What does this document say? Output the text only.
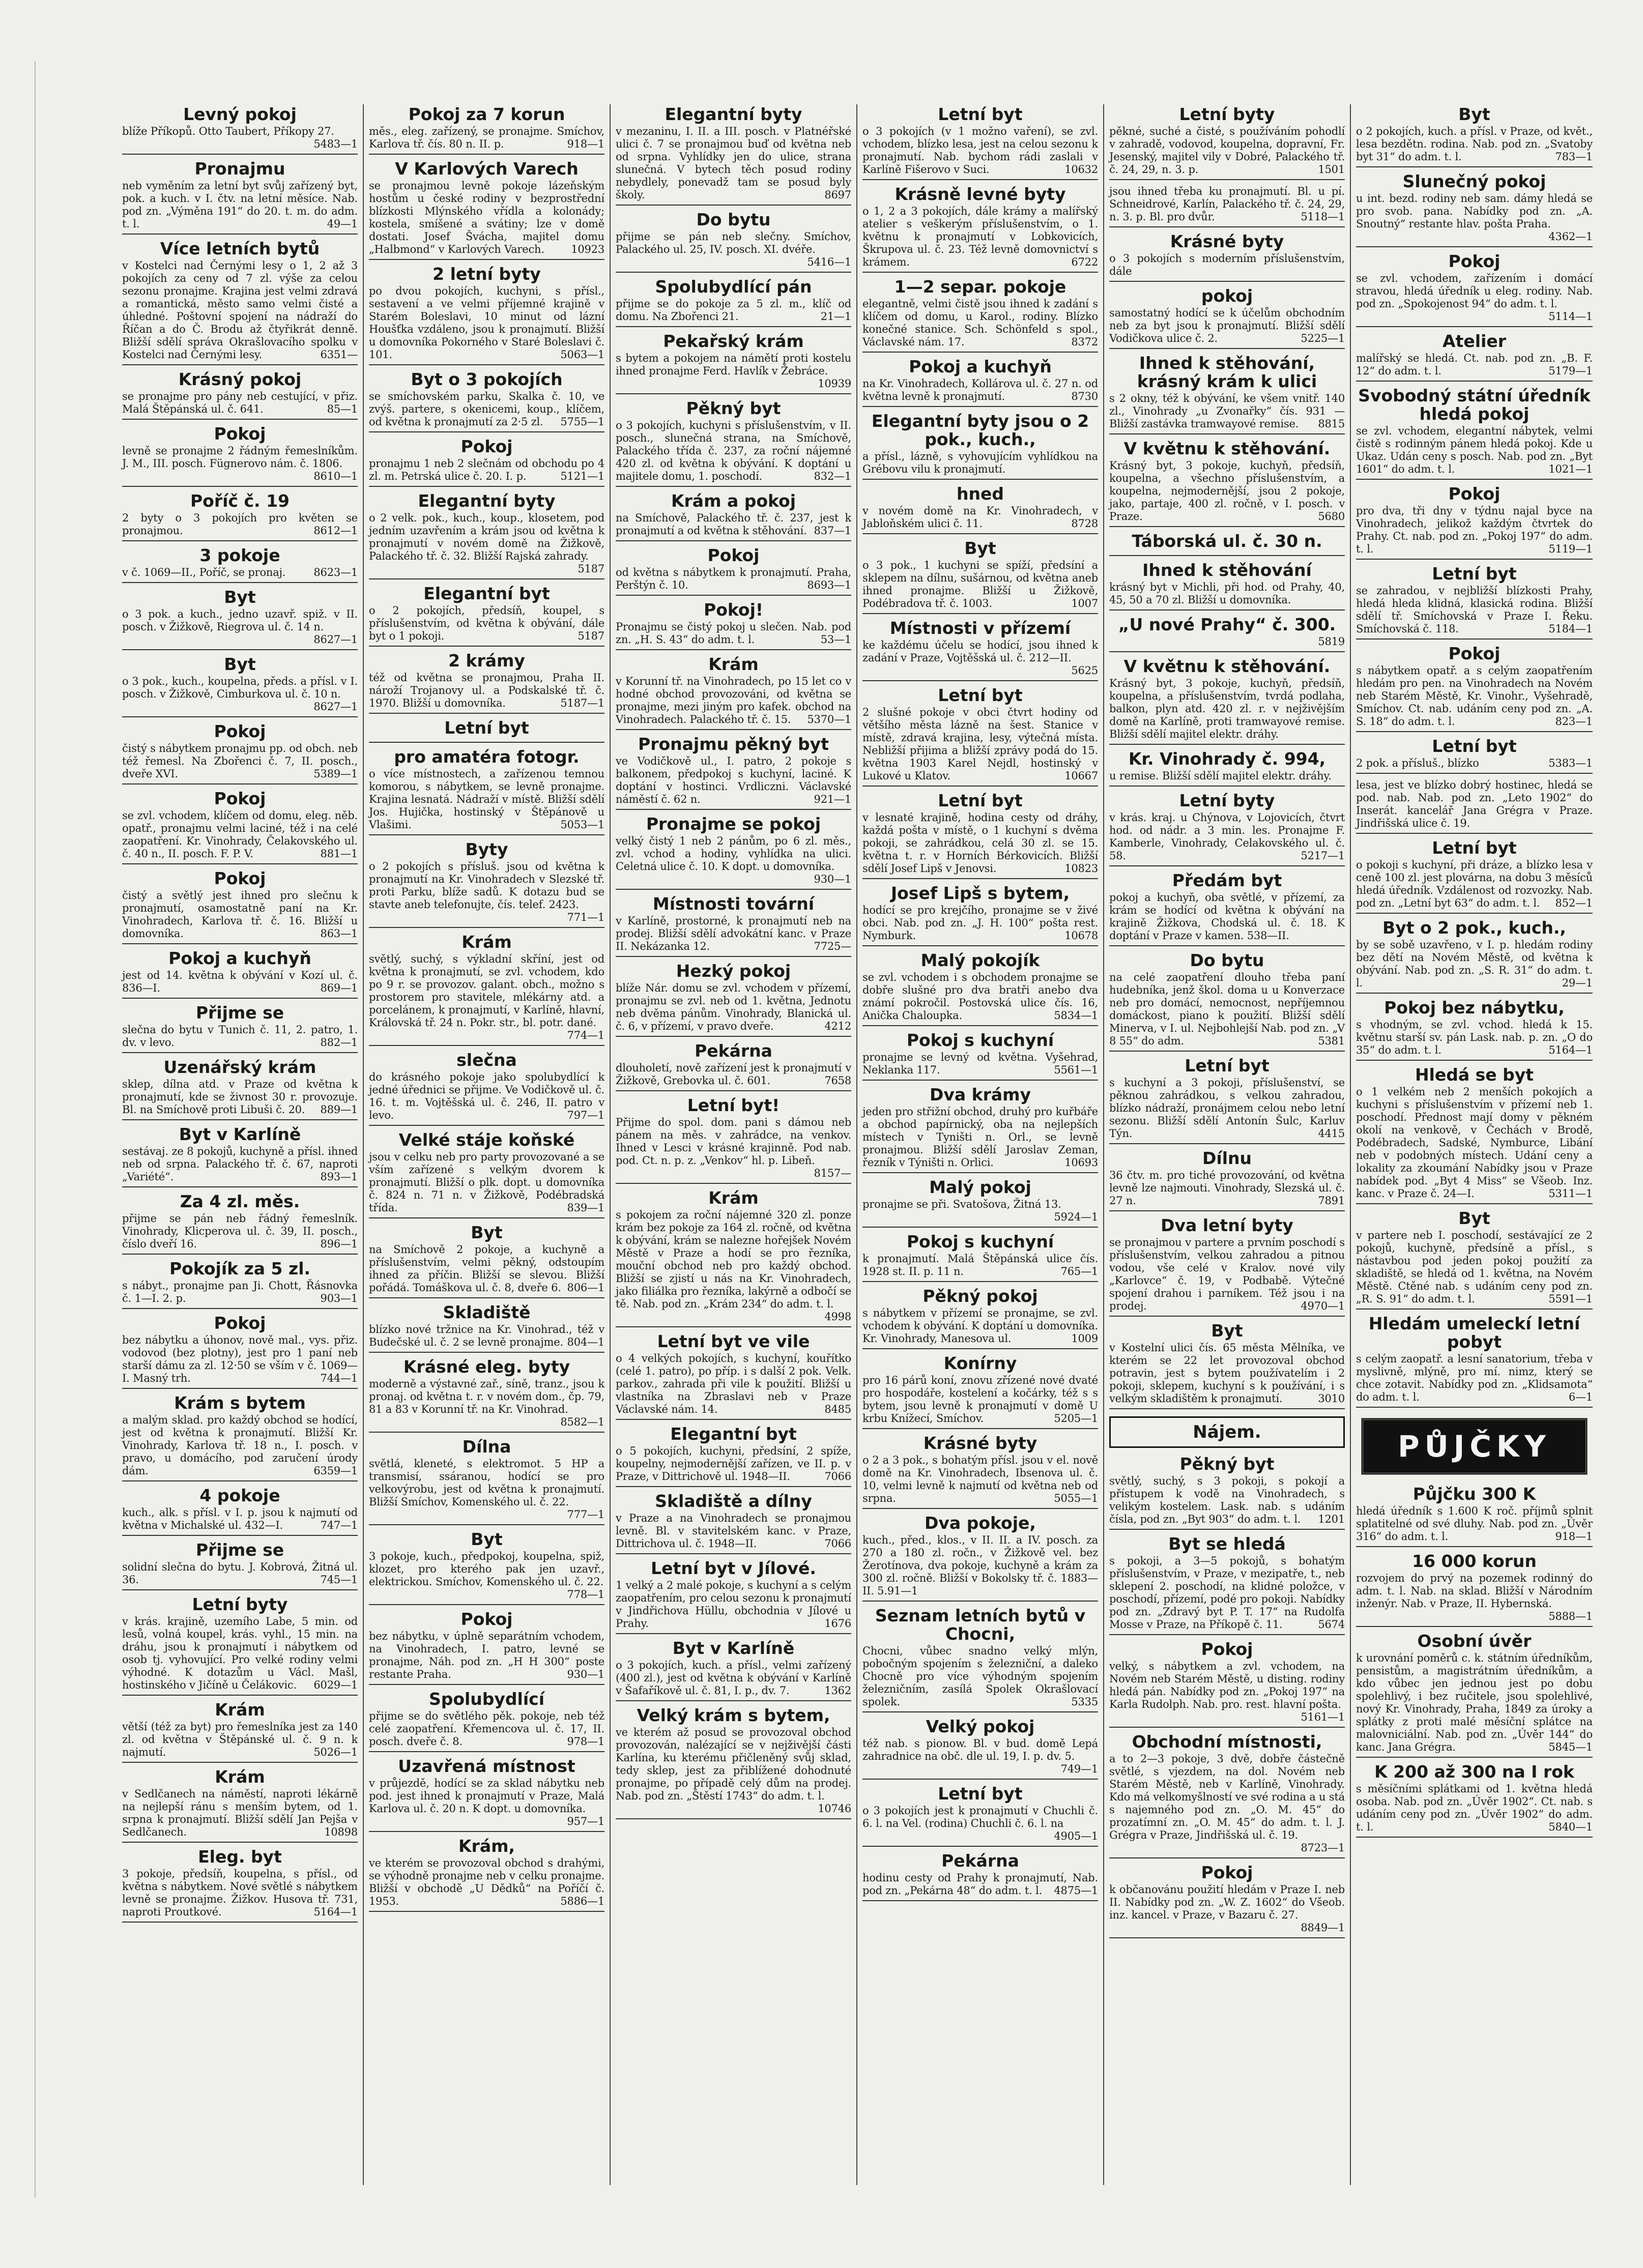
Levný pokoj
blíže Příkopů. Otto Taubert, Příkopy 27.
5483—1
Pronajmu
neb vyměním za letní byt svůj zařízený byt, pok. a kuch. v I. čtv. na letní měsíce. Nab. pod zn. „Výměna 191“ do 20. t. m. do adm. t. l.	49—1
Více letních bytů
v Kostelci nad Černými lesy o 1, 2 až 3 pokojích za ceny od 7 zl. výše za celou sezonu pronajme. Krajina jest velmi zdravá a romantická, město samo velmi čisté a úhledné. Poštovní spojení na nádraží do Říčan a do Č. Brodu až čtyřikrát denně. Bližší sdělí správa Okrašlovacího spolku v Kostelci nad Černými lesy.	6351—
Krásný pokoj
se pronajme pro pány neb cestující, v přiz. Malá Štěpánská ul. č. 641.	85—1
Pokoj
levně se pronajme 2 řádným řemeslníkům. J. M., III. posch. Fügnerovo nám. č. 1806.
8610—1
Poříč č. 19
2 byty o 3 pokojích pro květen se pronajmou.	8612—1
3 pokoje
v č. 1069—II., Poříč, se pronaj.	8623—1
Byt
o 3 pok. a kuch., jedno uzavř. spiž. v II. posch. v Žižkově, Riegrova ul. č. 14 n.
8627—1
Byt
o 3 pok., kuch., koupelna, předs. a přísl. v I. posch. v Žižkově, Cimburkova ul. č. 10 n.
8627—1
Pokoj
čistý s nábytkem pronajmu pp. od obch. neb též řemesl. Na Zbořenci č. 7, II. posch., dveře XVI.	5389—1
Pokoj
se zvl. vchodem, klíčem od domu, eleg. něb. opatř., pronajmu velmi laciné, též i na celé zaopatření. Kr. Vinohrady, Čelakovského ul. č. 40 n., II. posch. F. P. V.	881—1
Pokoj
čistý a světlý jest ihned pro slečnu k pronajmutí, osamostatně paní na Kr. Vinohradech, Karlova tř. č. 16. Bližší u domovníka.	863—1
Pokoj a kuchyň
jest od 14. května k obývání v Kozí ul. č. 836—I.	869—1
Přijme se
slečna do bytu v Tunich č. 11, 2. patro, 1. dv. v levo.	882—1
Uzenářský krám
sklep, dílna atd. v Praze od května k pronajmutí, kde se živnost 30 r. provozuje. Bl. na Smíchově proti Libuši č. 20. 889—1
Byt v Karlíně
sestávaj. ze 8 pokojů, kuchyně a přísl. ihned neb od srpna. Palackého tř. č. 67, naproti „Variété“.	893—1
Za 4 zl. měs.
přijme se pán neb řádný řemeslník. Vinohrady, Klicperova ul. č. 39, II. posch., číslo dveří 16.	896—1
Pokojík za 5 zl.
s nábyt., pronajme pan Ji. Chott, Řásnovka č. 1—I. 2. p.	903—1
Pokoj
bez nábytku a úhonov, nově mal., vys. přiz. vodovod (bez plotny), jest pro 1 paní neb starší dámu za zl. 12·50 se vším v č. 1069—I. Masný trh.	744—1
Krám s bytem
a malým sklad. pro každý obchod se hodící, jest od května k pronajmutí. Bližší Kr. Vinohrady, Karlova tř. 18 n., I. posch. v pravo, u domácího, pod zaručení úrody dám.	6359—1
4 pokoje
kuch., alk. s přísl. v I. p. jsou k najmutí od května v Michalské ul. 432—I.	747—1
Přijme se
solidní slečna do bytu. J. Kobrová, Žitná ul. 36.	745—1
Letní byty
v krás. krajině, uzemího Labe, 5 min. od lesů, volná koupel, krás. vyhl., 15 min. na dráhu, jsou k pronajmutí i nábytkem od osob tj. vyhovující. Pro velké rodiny velmi výhodné. K dotazům u Václ. Mašl, hostinského v Jičíně u Čelákovic. 6029—1
Krám
větší (též za byt) pro řemeslníka jest za 140 zl. od května v Štěpánské ul. č. 9 n. k najmutí.	5026—1
Krám
v Sedlčanech na náměstí, naproti lékárně na nejlepší ránu s menším bytem, od 1. srpna k pronajmutí. Bližší sdělí Jan Pejša v Sedlčanech.	10898
Eleg. byt
3 pokoje, předsíň, koupelna, s přísl., od května s nábytkem. Nové světlé s nábytkem levně se pronajme. Žižkov. Husova tř. 731, naproti Proutkové.	5164—1
Pokoj za 7 korun
měs., eleg. zařízený, se pronajme. Smíchov, Karlova tř. čís. 80 n. II. p.	918—1
V Karlových Varech
se pronajmou levně pokoje lázeňským hostům u české rodiny v bezprostřední blízkosti Mlýnského vřídla a kolonády; kostela, smíšené a svátiny; lze v domě dostati. Josef Švácha, majitel domu „Halbmond“ v Karlových Varech. 10923
2 letní byty
po dvou pokojích, kuchyni, s přísl., sestavení a ve velmi příjemné krajině v Starém Boleslavi, 10 minut od lázní Houšťka vzdáleno, jsou k pronajmutí. Bližší u domovníka Pokorného v Staré Boleslavi č. 101.	5063—1
Byt o 3 pokojích
se smíchovském parku, Skalka č. 10, ve zvýš. partere, s okenicemi, koup., klíčem, od května k pronajmutí za 2·5 zl. 5755—1
Pokoj
pronajmu 1 neb 2 slečnám od obchodu po 4 zl. m. Petrská ulice č. 20. I. p.	5121—1
Elegantní byty
o 2 velk. pok., kuch., koup., klosetem, pod jedním uzavřením a krám jsou od května k pronajmutí v novém domě na Žižkově, Palackého tř. č. 32. Bližší Rajská zahrady.
5187
Elegantní byt
o 2 pokojích, předsíň, koupel, s příslušenstvím, od května k obývání, dále byt o 1 pokoji.	5187
2 krámy
též od května se pronajmou, Praha II. nároží Trojanovy ul. a Podskalské tř. č. 1970. Bližší u domovníka.	5187—1
Letní byt
pro amatéra fotogr.
o více místnostech, a zařízenou temnou komorou, s nábytkem, se levně pronajme. Krajina lesnatá. Nádraží v místě. Bližší sdělí Jos. Hujička, hostinský v Štěpánově u Vlašimi.	5053—1
Byty
o 2 pokojích s přísluš. jsou od května k pronajmutí na Kr. Vinohradech v Slezské tř. proti Parku, blíže sadů. K dotazu bud se stavte aneb telefonujte, čís. telef. 2423.
771—1
Krám
světlý, suchý, s výkladní skříní, jest od května k pronajmutí, se zvl. vchodem, kdo po 9 r. se provozov. galant. obch., možno s prostorem pro stavitele, mlékárny atd. a porcelánem, k pronajmutí, v Karlíně, hlavní, Královská tř. 24 n. Pokr. str., bl. potr. dané.
774—1
slečna
do krásného pokoje jako spolubydlící k jedné úřednici se přijme. Ve Vodičkově ul. č. 16. t. m. Vojtěšská ul. č. 246, II. patro v levo.	797—1
Velké stáje koňské
jsou v celku neb pro party provozované a se vším zařízené s velkým dvorem k pronajmutí. Bližší o plk. dopt. u domovníka č. 824 n. 71 n. v Žižkově, Podébradská třída.	839—1
Byt
na Smíchově 2 pokoje, a kuchyně a příslušenstvím, velmi pěkný, odstoupím ihned za příčin. Bližší se slevou. Bližší pořádá. Tomáškova ul. č. 8, dveře 6. 806—1
Skladiště
blízko nové tržnice na Kr. Vinohrad., též v Budečské ul. č. 2 se levně pronajme. 804—1
Krásné eleg. byty
moderně a výstavné zař., síně, tranz., jsou k pronaj. od května t. r. v novém dom., čp. 79, 81 a 83 v Korunní tř. na Kr. Vinohrad.
8582—1
Dílna
světlá, kleneté, s elektromot. 5 HP a transmisí, ssáranou, hodící se pro velkovýrobu, jest od května k pronajmutí. Bližší Smíchov, Komenského ul. č. 22.
777—1
Byt
3 pokoje, kuch., předpokoj, koupelna, spiž, klozet, pro kterého pak jen uzavř., elektrickou. Smíchov, Komenského ul. č. 22.
778—1
Pokoj
bez nábytku, v úplně separátním vchodem, na Vinohradech, I. patro, levné se pronajme, Náh. pod zn. „H H 300“ poste restante Praha.	930—1
Spolubydlící
přijme se do světlého pěk. pokoje, neb též celé zaopatření. Křemencova ul. č. 17, II. posch. dveře č. 8.	978—1
Uzavřená místnost
v průjezdě, hodící se za sklad nábytku neb pod. jest ihned k pronajmutí v Praze, Malá Karlova ul. č. 20 n. K dopt. u domovníka.
957—1
Krám,
ve kterém se provozoval obchod s drahými, se výhodně pronajme neb v celku pronajme. Bližší v obchodě „U Dědků“ na Poříčí č. 1953.	5886—1
Elegantní byty
v mezaninu, I. II. a III. posch. v Platnéřské ulici č. 7 se pronajmou buď od května neb od srpna. Vyhlídky jen do ulice, strana slunečná. V bytech těch posud rodiny nebydlely, ponevadž tam se posud byly školy.	8697
Do bytu
přijme se pán neb slečny. Smíchov, Palackého ul. 25, IV. posch. XI. dvéře.
5416—1
Spolubydlící pán
přijme se do pokoje za 5 zl. m., klíč od domu. Na Zbořenci 21.	21—1
Pekařský krám
s bytem a pokojem na námětí proti kostelu ihned pronajme Ferd. Havlík v Žebráce.
10939
Pěkný byt
o 3 pokojích, kuchyni s příslušenstvím, v II. posch., slunečná strana, na Smíchově, Palackého třída č. 237, za roční nájemné 420 zl. od května k obývání. K doptání u majitele domu, 1. poschodí.	832—1
Krám a pokoj
na Smíchově, Palackého tř. č. 237, jest k pronajmutí a od května k stěhování. 837—1
Pokoj
od května s nábytkem k pronajmutí. Praha, Perštýn č. 10.	8693—1
Pokoj!
Pronajmu se čistý pokoj u slečen. Nab. pod zn. „H. S. 43“ do adm. t. l.	53—1
Krám
v Korunní tř. na Vinohradech, po 15 let co v hodné obchod provozováni, od května se pronajme, mezi jiným pro kafek. obchod na Vinohradech. Palackého tř. č. 15. 5370—1
Pronajmu pěkný byt
ve Vodičkově ul., I. patro, 2 pokoje s balkonem, předpokoj s kuchyní, laciné. K doptání v hostinci. Vrdliczni. Václavské náměstí č. 62 n.	921—1
Pronajme se pokoj
velký čistý 1 neb 2 pánům, po 6 zl. měs., zvl. vchod a hodiny, vyhlídka na ulici. Celetná ulice č. 10. K dopt. u domovníka.
930—1
Místnosti tovární
v Karlíně, prostorné, k pronajmutí neb na prodej. Bližší sdělí advokátní kanc. v Praze II. Nekázanka 12.	7725—
Hezký pokoj
blíže Nár. domu se zvl. vchodem v přízemí, pronajmu se zvl. neb od 1. května, Jednotu neb dvěma pánům. Vinohrady, Blanická ul. č. 6, v přízemí, v pravo dveře.	4212
Pekárna
dlouholetí, nově zařízení jest k pronajmutí v Žižkově, Grebovka ul. č. 601.	7658
Letní byt!
Přijme do spol. dom. pani s dámou neb pánem na měs. v zahrádce, na venkov. Ihned v Lesci v krásné krajinně. Pod nab. pod. Ct. n. p. z. „Venkov“ hl. p. Libeň.
8157—
Krám
s pokojem za roční nájemné 320 zl. ponze krám bez pokoje za 164 zl. ročně, od května k obývání, krám se nalezne hořejšek Novém Městě v Praze a hodí se pro řezníka, mouční obchod neb pro každý obchod. Bližší se zjistí u nás na Kr. Vinohradech, jako filiálka pro řezníka, lakýrně a odbočí se tě. Nab. pod zn. „Krám 234“ do adm. t. l.
4998
Letní byt ve vile
o 4 velkých pokojích, s kuchyní, kouřítko (celé 1. patro), po příp. i s další 2 pok. Velk. parkov., zahrada při vile k použití. Bližší u vlastníka na Zbraslavi neb v Praze Václavské nám. 14.	8485
Elegantní byt
o 5 pokojích, kuchyni, předsíní, 2 spíže, koupelny, nejmodernější zařízen, ve II. p. v Praze, v Dittrichově ul. 1948—II.	7066
Skladiště a dílny
v Praze a na Vinohradech se pronajmou levně. Bl. v stavitelském kanc. v Praze, Dittrichova ul. č. 1948—II.	7066
Letní byt v Jílové.
1 velký a 2 malé pokoje, s kuchyní a s celým zaopatřením, pro celou sezonu k pronajmutí v Jindřichova Hüllu, obchodnia v Jílové u Prahy.	1676
Byt v Karlíně
o 3 pokojích, kuch. a přísl., velmi zařízený (400 zl.), jest od května k obývání v Karlíně v Šafaříkově ul. č. 81, I. p., dv. 7.	1362
Velký krám s bytem,
ve kterém až posud se provozoval obchod provozován, nalézající se v nejživější části Karlína, ku kterému přičleněný svůj sklad, tedy sklep, jest za přiblížené dohodnuté pronajme, po případě celý dům na prodej. Nab. pod zn. „Štěstí 1743“ do adm. t. l.
10746
Letní byt
o 3 pokojích (v 1 možno vaření), se zvl. vchodem, blízko lesa, jest na celou sezonu k pronajmutí. Nab. bychom rádi zaslali v Karlíně Fišerovo v Suci.	10632
Krásně levné byty
o 1, 2 a 3 pokojích, dále krámy a malířský atelier s veškerým příslušenstvím, o 1. květnu k pronajmutí v Lobkovicích, Škrupova ul. č. 23. Též levně domovnictví s krámem.	6722
1—2 separ. pokoje
elegantně, velmi čistě jsou ihned k zadání s klíčem od domu, u Karol., rodiny. Blízko konečné stanice. Sch. Schönfeld s spol., Václavské nám. 17.	8372
Pokoj a kuchyň
na Kr. Vinohradech, Kollárova ul. č. 27 n. od května levně k pronajmutí.	8730
Elegantní byty jsou o 2 pok., kuch.,
a přísl., lázně, s vyhovujícím vyhlídkou na Grébovu vilu k pronajmutí.
hned
v novém domě na Kr. Vinohradech, v Jabloňském ulici č. 11.	8728
Byt
o 3 pok., 1 kuchyni se spíží, předsíní a sklepem na dílnu, sušárnou, od května aneb ihned pronajme. Bližší u Žižkově, Podébradova tř. č. 1003.	1007
Místnosti v přízemí
ke každému účelu se hodící, jsou ihned k zadání v Praze, Vojtěšská ul. č. 212—II.
5625
Letní byt
2 slušné pokoje v obci čtvrt hodiny od většího města lázně na šest. Stanice v místě, zdravá krajina, lesy, výtečná místa. Nebližší přijima a bližší zprávy podá do 15. května 1903 Karel Nejdl, hostinský v Lukové u Klatov.	10667
Letní byt
v lesnaté krajině, hodina cesty od dráhy, každá pošta v místě, o 1 kuchyní s dvěma pokoji, se zahrádkou, celá 30 zl. se 15. května t. r. v Horních Bérkovicích. Bližší sdělí Josef Lipš v Jenovsi.	10823
Josef Lipš s bytem,
hodící se pro krejčího, pronajme se v živé obci. Nab. pod zn. „J. H. 100“ pošta rest. Nymburk.	10678
Malý pokojík
se zvl. vchodem i s obchodem pronajme se dobře slušné pro dva bratři anebo dva známí pokročil. Postovská ulice čís. 16, Anička Chaloupka.	5834—1
Pokoj s kuchyní
pronajme se levný od května. Vyšehrad, Neklanka 117.	5561—1
Dva krámy
jeden pro střižní obchod, druhý pro kuřbáře a obchod papírnický, oba na nejlepších místech v Tyništi n. Orl., se levně pronajmou. Bližší sdělí Jaroslav Zeman, řezník v Týništi n. Orlici.	10693
Malý pokoj
pronajme se při. Svatošova, Žitná 13.
5924—1
Pokoj s kuchyní
k pronajmutí. Malá Štěpánská ulice čís. 1928 st. II. p. 11 n.	765—1
Pěkný pokoj
s nábytkem v přízemí se pronajme, se zvl. vchodem k obývání. K doptání u domovníka. Kr. Vinohrady, Manesova ul.	1009
Konírny
pro 16 párů koní, znovu zřízené nové dvaté pro hospodáře, kostelení a kočárky, též s s bytem, jsou levně k pronajmutí v domě U krbu Knížecí, Smíchov.	5205—1
Krásné byty
o 2 a 3 pok., s bohatým přísl. jsou v el. nově domě na Kr. Vinohradech, Ibsenova ul. č. 10, velmi levně k najmutí od května neb od srpna.	5055—1
Dva pokoje,
kuch., před., klos., v II. II. a IV. posch. za 270 a 180 zl. ročn., v Žižkově vel. bez Žerotínova, dva pokoje, kuchyně a krám za 300 zl. ročně. Bližší v Bokolsky tř. č. 1883—II. 5.91—1
Seznam letních bytů v Chocni,
Chocni, vůbec snadno velký mlýn, pobočným spojením s železniční, a daleko Chocně pro více výhodným spojením železničním, zasílá Spolek Okrašlovací spolek.	5335
Velký pokoj
též nab. s pionow. Bl. v bud. domě Lepá zahradnice na obč. dle ul. 19, I. p. dv. 5.
749—1
Letní byt
o 3 pokojích jest k pronajmutí v Chuchli č. 6. l. na Vel. (rodina) Chuchli č. 6. l. na
4905—1
Pekárna
hodinu cesty od Prahy k pronajmutí, Nab. pod zn. „Pekárna 48“ do adm. t. l. 4875—1
Letní byty
pěkné, suché a čisté, s používáním pohodlí v zahradě, vodovod, koupelna, dopravní, Fr. Jesenský, majitel vily v Dobré, Palackého tř. č. 24, 29, n. 3. p.	1501
jsou ihned třeba ku pronajmutí. Bl. u pí. Schneidrové, Karlín, Palackého tř. č. 24, 29, n. 3. p. Bl. pro dvůr.	5118—1
Krásné byty
o 3 pokojích s moderním příslušenstvím, dále
pokoj
samostatný hodící se k účelům obchodním neb za byt jsou k pronajmutí. Bližší sdělí Vodičkova ulice č. 2.	5225—1
Ihned k stěhování, krásný krám k ulici
s 2 okny, též k obývání, ke všem vnitř. 140 zl., Vinohrady „u Zvonařky“ čís. 931 — Bližší zastávka tramwayové remise. 8815
V květnu k stěhování.
Krásný byt, 3 pokoje, kuchyň, předsíň, koupelna, a všechno příslušenstvím, a koupelna, nejmodernější, jsou 2 pokoje, jako, partaje, 400 zl. ročně, v I. posch. v Praze.	5680
Táborská ul. č. 30 n.
Ihned k stěhování
krásný byt v Michli, při hod. od Prahy, 40, 45, 50 a 70 zl. Bližší u domovníka.
„U nové Prahy“ č. 300.
5819
V květnu k stěhování.
Krásný byt, 3 pokoje, kuchyň, předsíň, koupelna, a příslušenstvím, tvrdá podlaha, balkon, plyn atd. 420 zl. r. v nejživějším domě na Karlíně, proti tramwayové remise. Bližší sdělí majitel elektr. dráhy.
Kr. Vinohrady č. 994,
u remise. Bližší sdělí majitel elektr. dráhy.
Letní byty
v krás. kraj. u Chýnova, v Lojovicích, čtvrt hod. od nádr. a 3 min. les. Pronajme F. Kamberle, Vinohrady, Celakovského ul. č. 58.	5217—1
Předám byt
pokoj a kuchyň, oba světlé, v přízemí, za krám se hodící od května k obývání na krajině Žižkova, Chodská ul. č. 18. K doptání v Praze v kamen. 538—II.
Do bytu
na celé zaopatření dlouho třeba paní hudebníka, jenž škol. doma u u Konverzace neb pro domácí, nemocnost, nepříjemnou domáckost, piano k použití. Bližší sdělí Minerva, v I. ul. Nejbohlejší Nab. pod zn. „V 8 55“ do adm.	5381
Letní byt
s kuchyní a 3 pokoji, příslušenství, se pěknou zahrádkou, s velkou zahradou, blízko nádraží, pronájmem celou nebo letní sezonu. Bližší sdělí Antonín Šulc, Karluv Týn.	4415
Dílnu
36 čtv. m. pro tiché provozování, od května levně lze najmouti. Vinohrady, Slezská ul. č. 27 n.	7891
Dva letní byty
se pronajmou v partere a prvním poschodí s příslušenstvím, velkou zahradou a pitnou vodou, vše celé v Kralov. nové vily „Karlovce“ č. 19, v Podbabě. Výtečné spojení drahou i parníkem. Též jsou i na prodej.	4970—1
Byt
v Kostelní ulici čís. 65 města Mělníka, ve kterém se 22 let provozoval obchod potravin, jest s bytem používatelím i 2 pokoji, sklepem, kuchyní s k používání, i s velkým skladištěm k pronajmutí.	3010
Nájem.
Pěkný byt
světlý, suchý, s 3 pokoji, s pokojí a přístupem k vodě na Vinohradech, s velikým kostelem. Lask. nab. s udáním čísla, pod zn. „Byt 903“ do adm. t. l. 1201
Byt se hledá
s pokoji, a 3—5 pokojů, s bohatým příslušenstvím, v Praze, v mezipatře, t., neb sklepení 2. poschodí, na klidné položce, v poschodí, přízemí, podé pro pokoji. Nabídky pod zn. „Zdravý byt P. T. 17“ na Rudolfa Mosse v Praze, na Příkopě č. 11.	5674
Pokoj
velký, s nábytkem a zvl. vchodem, na Novém neb Starém Městě, u disting. rodiny hledá pán. Nabídky pod zn. „Pokoj 197“ na Karla Rudolph. Nab. pro. rest. hlavní pošta.
5161—1
Obchodní místnosti,
a to 2—3 pokoje, 3 dvě, dobře částečně světlé, s vjezdem, na dol. Novém neb Starém Městě, neb v Karlíně, Vinohrady. Kdo má velkomyšlností ve své rodina a u stá s najemného pod zn. „O. M. 45“ do prozatímní zn. „O. M. 45“ do adm. t. l. J. Grégra v Praze, Jindřišská ul. č. 19.
8723—1
Pokoj
k občanovánu použití hledám v Praze I. neb II. Nabídky pod zn. „W. Z. 1602“ do Všeob. inz. kancel. v Praze, v Bazaru č. 27.
8849—1
Byt
o 2 pokojích, kuch. a přísl. v Praze, od květ., lesa bezdětn. rodina. Nab. pod zn. „Svatoby byt 31“ do adm. t. l.	783—1
Slunečný pokoj
u int. bezd. rodiny neb sam. dámy hledá se pro svob. pana. Nabídky pod zn. „A. Snoutný“ restante hlav. pošta Praha.
4362—1
Pokoj
se zvl. vchodem, zařízením i domácí stravou, hledá úředník u eleg. rodiny. Nab. pod zn. „Spokojenost 94“ do adm. t. l.
5114—1
Atelier
malířský se hledá. Ct. nab. pod zn. „B. F. 12“ do adm. t. l.	5179—1
Svobodný státní úředník hledá pokoj
se zvl. vchodem, elegantní nábytek, velmi čistě s rodinným pánem hledá pokoj. Kde u Ukaz. Udán ceny s posch. Nab. pod zn. „Byt 1601“ do adm. t. l.	1021—1
Pokoj
pro dva, tři dny v týdnu najal byce na Vinohradech, jelikož každým čtvrtek do Prahy. Ct. nab. pod zn. „Pokoj 197“ do adm. t. l.	5119—1
Letní byt
se zahradou, v nejbližší blízkosti Prahy, hledá hleda klidná, klasická rodina. Bližší sdělí tř. Smíchovská v Praze I. Řeku. Smíchovská č. 118.	5184—1
Pokoj
s nábytkem opatř. a s celým zaopatřením hledám pro pen. na Vinohradech na Novém neb Starém Městě, Kr. Vinohr., Vyšehradě, Smíchov. Ct. nab. udáním ceny pod zn. „A. S. 18“ do adm. t. l.	823—1
Letní byt
2 pok. a přísluš., blízko	5383—1
lesa, jest ve blízko dobrý hostinec, hledá se pod. nab. Nab. pod zn. „Leto 1902“ do Inserát. kancelář Jana Grégra v Praze. Jindřišská ulice č. 19.
Letní byt
o pokoji s kuchyní, při dráze, a blízko lesa v ceně 100 zl. jest plovárna, na dobu 3 měsíců hledá úředník. Vzdálenost od rozvozky. Nab. pod zn. „Letní byt 63“ do adm. t. l. 852—1
Byt o 2 pok., kuch.,
by se sobě uzavřeno, v I. p. hledám rodiny bez dětí na Novém Městě, od května k obývání. Nab. pod zn. „S. R. 31“ do adm. t. l.	29—1
Pokoj bez nábytku,
s vhodným, se zvl. vchod. hledá k 15. květnu starší sv. pán Lask. nab. p. zn. „O do 35“ do adm. t. l.	5164—1
Hledá se byt
o 1 velkém neb 2 menších pokojích a kuchyni s příslušenstvím v přízemí neb 1. poschodí. Přednost mají domy v pěkném okolí na venkově, v Čechách v Brodě, Podébradech, Sadské, Nymburce, Libání neb v podobných místech. Udání ceny a lokality za zkoumání Nabídky jsou v Praze nabídek pod. „Byt 4 Miss“ se Všeob. Inz. kanc. v Praze č. 24—I.	5311—1
Byt
v partere neb I. poschodí, sestávající ze 2 pokojů, kuchyně, předsíně a přísl., s nástavbou pod jeden pokoj použití za skladiště, se hledá od 1. května, na Novém Městě. Ctěné nab. s udáním ceny pod zn. „R. S. 91“ do adm. t. l.	5591—1
Hledám umeleckí letní pobyt
s celým zaopatř. a lesní sanatorium, třeba v myslivně, mlýně, pro mí. nimz, který se chce zotavit. Nabídky pod zn. „Klidsamota“ do adm. t. l.	6—1
PŮJČKY
Půjčku 300 K
hledá úředník s 1.600 K roč. příjmů splnit splatitelné od své dluhy. Nab. pod zn. „Úvěr 316“ do adm. t. l.	918—1
16 000 korun
rozvojem do prvý na pozemek rodinný do adm. t. l. Nab. na sklad. Bližší v Národním inženýr. Nab. v Praze, II. Hybernská.
5888—1
Osobní úvěr
k urovnání poměrů c. k. státním úředníkům, pensistům, a magistrátním úředníkům, a kdo vůbec jen jednou jest po dobu spolehlivý, i bez ručitele, jsou spolehlivé, nový Kr. Vinohrady, Praha, 1849 za úroky a splátky z proti malé měsíční splátce na malovniciální. Nab. pod zn. „Úvěr 144“ do kanc. Jana Grégra.	5845—1
K 200 až 300 na I rok
s měsíčními splátkami od 1. května hledá osoba. Nab. pod zn. „Úvěr 1902“. Ct. nab. s udáním ceny pod zn. „Úvěr 1902“ do adm. t. l.	5840—1
